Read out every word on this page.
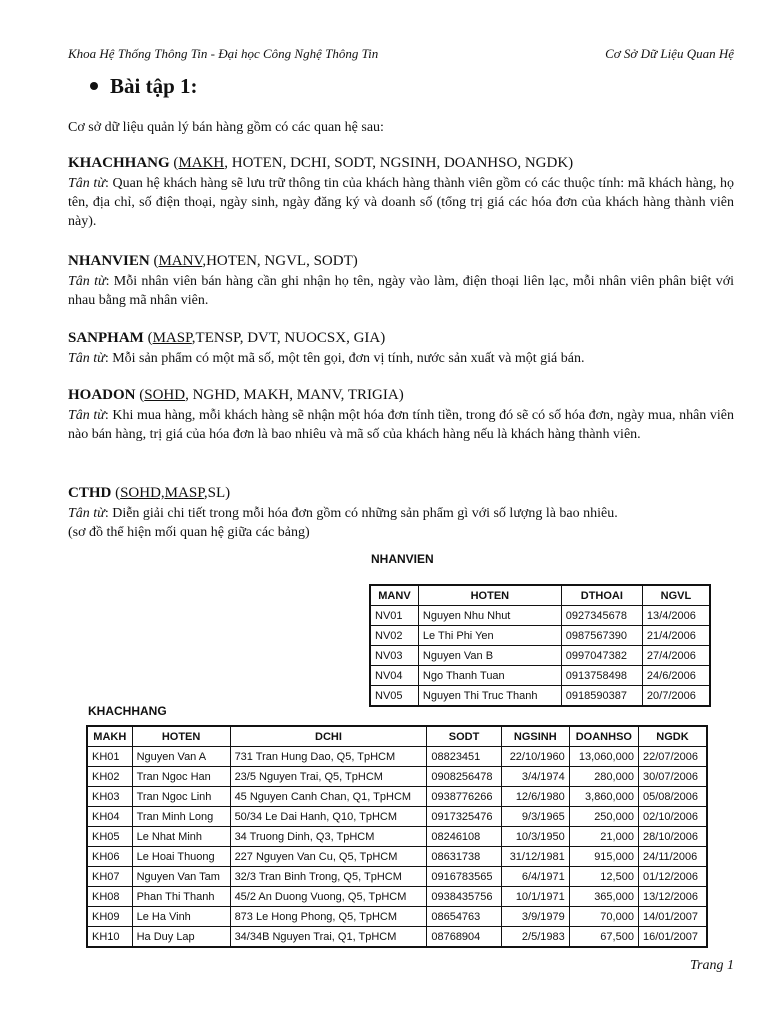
Khoa Hệ Thống Thông Tin - Đại học Công Nghệ Thông Tin	Cơ Sở Dữ Liệu Quan Hệ
Bài tập 1:
Cơ sở dữ liệu quản lý bán hàng gồm có các quan hệ sau:
KHACHHANG (MAKH, HOTEN, DCHI, SODT, NGSINH, DOANHSO, NGDK)
Tân từ: Quan hệ khách hàng sẽ lưu trữ thông tin của khách hàng thành viên gồm có các thuộc tính: mã khách hàng, họ tên, địa chỉ, số điện thoại, ngày sinh, ngày đăng ký và doanh số (tổng trị giá các hóa đơn của khách hàng thành viên này).
NHANVIEN (MANV,HOTEN, NGVL, SODT)
Tân từ: Mỗi nhân viên bán hàng cần ghi nhận họ tên, ngày vào làm, điện thoại liên lạc, mỗi nhân viên phân biệt với nhau bằng mã nhân viên.
SANPHAM (MASP,TENSP, DVT, NUOCSX, GIA)
Tân từ: Mỗi sản phẩm có một mã số, một tên gọi, đơn vị tính, nước sản xuất và một giá bán.
HOADON (SOHD, NGHD, MAKH, MANV, TRIGIA)
Tân từ: Khi mua hàng, mỗi khách hàng sẽ nhận một hóa đơn tính tiền, trong đó sẽ có số hóa đơn, ngày mua, nhân viên nào bán hàng, trị giá của hóa đơn là bao nhiêu và mã số của khách hàng nếu là khách hàng thành viên.
CTHD (SOHD,MASP,SL)
Tân từ: Diễn giải chi tiết trong mỗi hóa đơn gồm có những sản phẩm gì với số lượng là bao nhiêu.
(sơ đồ thể hiện mối quan hệ giữa các bảng)
NHANVIEN
MANV	HOTEN	DTHOAI	NGVL
NV01	Nguyen Nhu Nhut	0927345678	13/4/2006
NV02	Le Thi Phi Yen	0987567390	21/4/2006
NV03	Nguyen Van B	0997047382	27/4/2006
NV04	Ngo Thanh Tuan	0913758498	24/6/2006
NV05	Nguyen Thi Truc Thanh	0918590387	20/7/2006
KHACHHANG
MAKH	HOTEN	DCHI	SODT	NGSINH	DOANHSO	NGDK
KH01	Nguyen Van A	731 Tran Hung Dao, Q5, TpHCM	08823451	22/10/1960	13,060,000	22/07/2006
KH02	Tran Ngoc Han	23/5 Nguyen Trai, Q5, TpHCM	0908256478	3/4/1974	280,000	30/07/2006
KH03	Tran Ngoc Linh	45 Nguyen Canh Chan, Q1, TpHCM	0938776266	12/6/1980	3,860,000	05/08/2006
KH04	Tran Minh Long	50/34 Le Dai Hanh, Q10, TpHCM	0917325476	9/3/1965	250,000	02/10/2006
KH05	Le Nhat Minh	34 Truong Dinh, Q3, TpHCM	08246108	10/3/1950	21,000	28/10/2006
KH06	Le Hoai Thuong	227 Nguyen Van Cu, Q5, TpHCM	08631738	31/12/1981	915,000	24/11/2006
KH07	Nguyen Van Tam	32/3 Tran Binh Trong, Q5, TpHCM	0916783565	6/4/1971	12,500	01/12/2006
KH08	Phan Thi Thanh	45/2 An Duong Vuong, Q5, TpHCM	0938435756	10/1/1971	365,000	13/12/2006
KH09	Le Ha Vinh	873 Le Hong Phong, Q5, TpHCM	08654763	3/9/1979	70,000	14/01/2007
KH10	Ha Duy Lap	34/34B Nguyen Trai, Q1, TpHCM	08768904	2/5/1983	67,500	16/01/2007
Trang 1
